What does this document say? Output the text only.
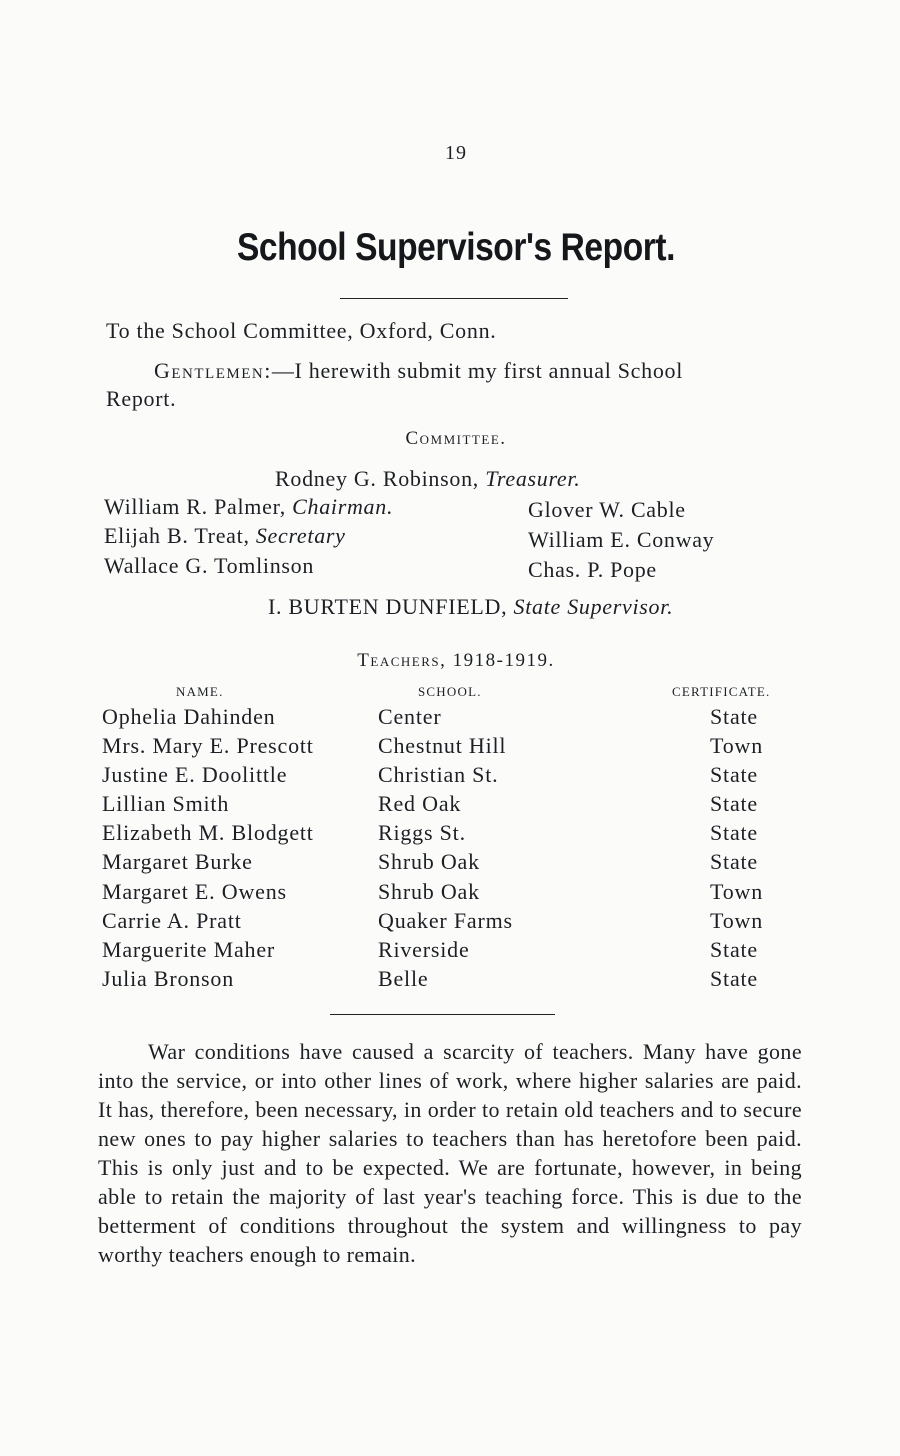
19
School Supervisor's Report.
To the School Committee, Oxford, Conn.
Gentlemen:—I herewith submit my first annual School
Report.
Committee.
Rodney G. Robinson, Treasurer.
William R. Palmer, Chairman.
Elijah B. Treat, Secretary
Wallace G. Tomlinson
Glover W. Cable
William E. Conway
Chas. P. Pope
I. BURTEN DUNFIELD, State Supervisor.
Teachers, 1918-1919.
NAME.	SCHOOL.	CERTIFICATE.
Ophelia Dahinden	Center	State
Mrs. Mary E. Prescott	Chestnut Hill	Town
Justine E. Doolittle	Christian St.	State
Lillian Smith	Red Oak	State
Elizabeth M. Blodgett	Riggs St.	State
Margaret Burke	Shrub Oak	State
Margaret E. Owens	Shrub Oak	Town
Carrie A. Pratt	Quaker Farms	Town
Marguerite Maher	Riverside	State
Julia Bronson	Belle	State

War conditions have caused a scarcity of teachers. Many have gone into the service, or into other lines of work, where higher salaries are paid. It has, therefore, been necessary, in order to retain old teachers and to secure new ones to pay higher salaries to teachers than has heretofore been paid. This is only just and to be expected. We are fortunate, however, in being able to retain the majority of last year's teaching force. This is due to the betterment of conditions throughout the system and willingness to pay worthy teachers enough to remain.
